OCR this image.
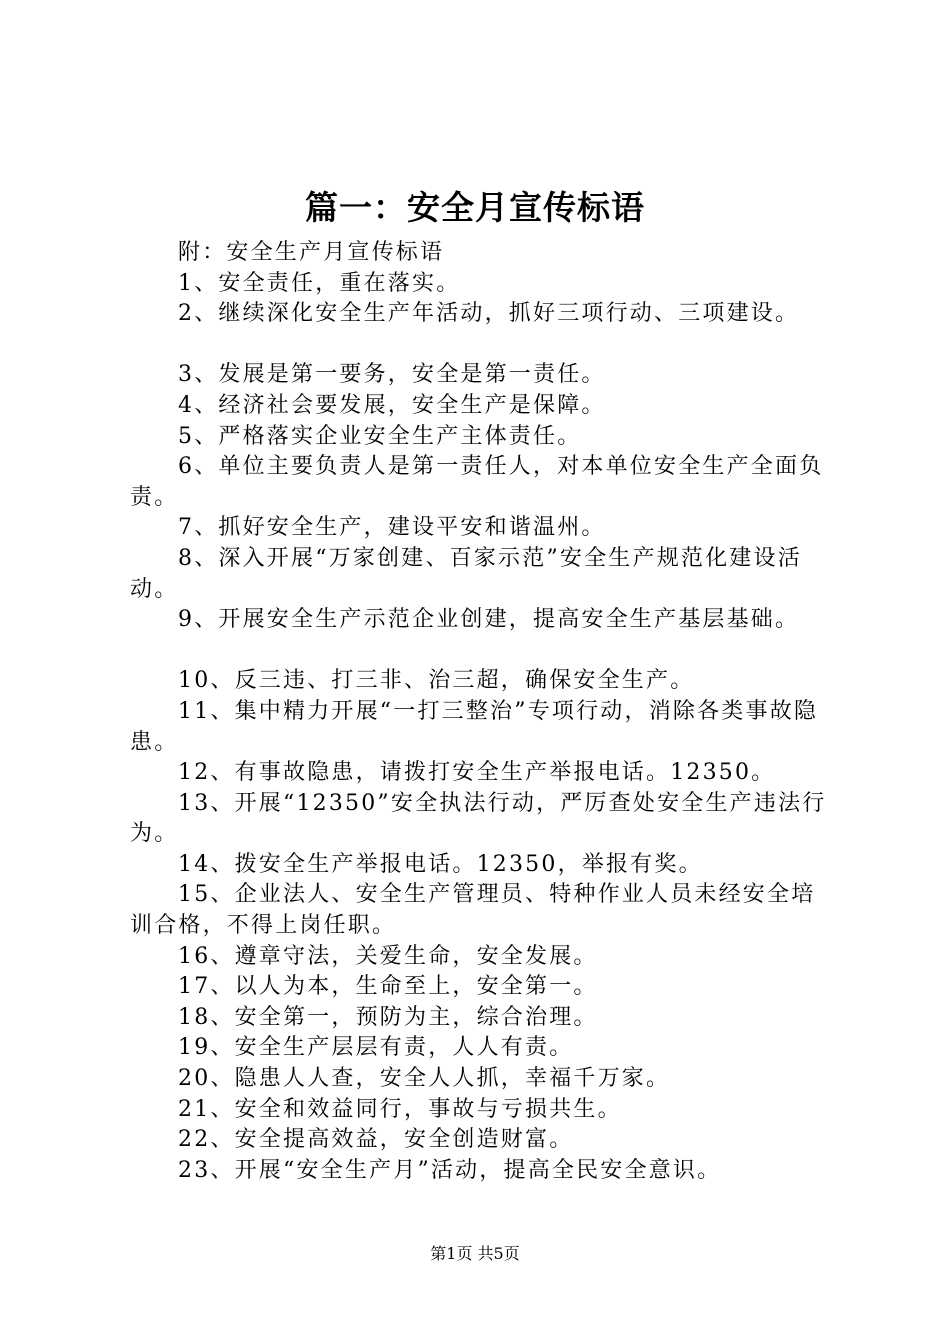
篇一：安全月宣传标语

附：安全生产月宣传标语

1、安全责任，重在落实。

2、继续深化安全生产年活动，抓好三项行动、三项建设。

3、发展是第一要务，安全是第一责任。

4、经济社会要发展，安全生产是保障。

5、严格落实企业安全生产主体责任。

6、单位主要负责人是第一责任人，对本单位安全生产全面负责。

7、抓好安全生产，建设平安和谐温州。

8、深入开展“万家创建、百家示范”安全生产规范化建设活动。

9、开展安全生产示范企业创建，提高安全生产基层基础。

10、反三违、打三非、治三超，确保安全生产。

11、集中精力开展“一打三整治”专项行动，消除各类事故隐患。

12、有事故隐患，请拨打安全生产举报电话。12350。

13、开展“12350”安全执法行动，严厉查处安全生产违法行为。

14、拨安全生产举报电话。12350，举报有奖。

15、企业法人、安全生产管理员、特种作业人员未经安全培训合格，不得上岗任职。

16、遵章守法，关爱生命，安全发展。

17、以人为本，生命至上，安全第一。

18、安全第一，预防为主，综合治理。

19、安全生产层层有责，人人有责。

20、隐患人人查，安全人人抓，幸福千万家。

21、安全和效益同行，事故与亏损共生。

22、安全提高效益，安全创造财富。

23、开展“安全生产月”活动，提高全民安全意识。

第1页 共5页
